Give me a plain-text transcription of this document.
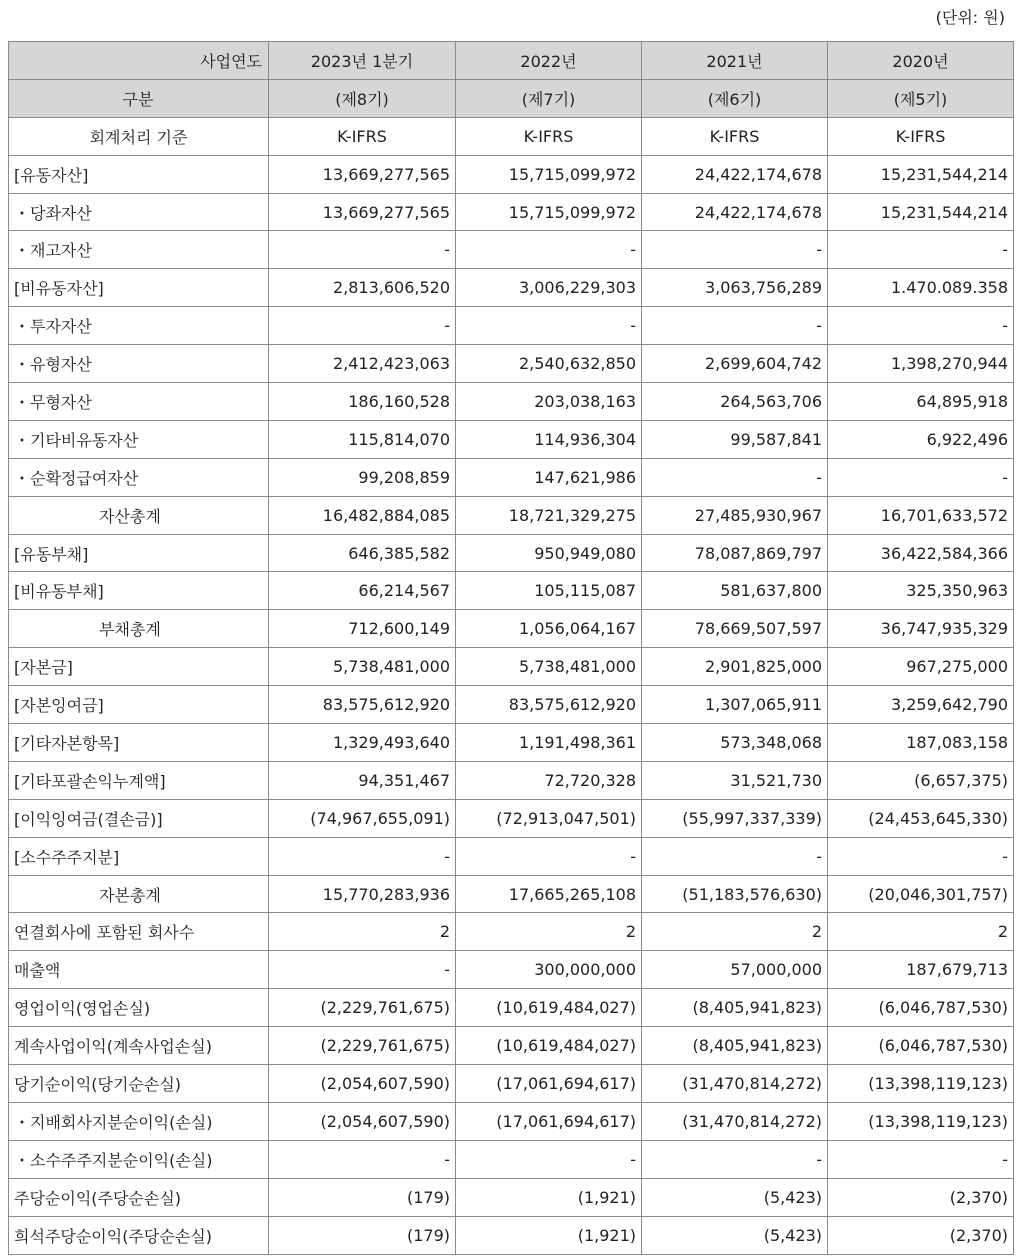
(단위: 원)
사업연도	2023년 1분기	2022년	2021년	2020년
구분	(제8기)	(제7기)	(제6기)	(제5기)
회계처리 기준	K-IFRS	K-IFRS	K-IFRS	K-IFRS
[유동자산]	13,669,277,565	15,715,099,972	24,422,174,678	15,231,544,214
・당좌자산	13,669,277,565	15,715,099,972	24,422,174,678	15,231,544,214
・재고자산	-	-	-	-
[비유동자산]	2,813,606,520	3,006,229,303	3,063,756,289	1.470.089.358
・투자자산	-	-	-	-
・유형자산	2,412,423,063	2,540,632,850	2,699,604,742	1,398,270,944
・무형자산	186,160,528	203,038,163	264,563,706	64,895,918
・기타비유동자산	115,814,070	114,936,304	99,587,841	6,922,496
・순확정급여자산	99,208,859	147,621,986	-	-
자산총계	16,482,884,085	18,721,329,275	27,485,930,967	16,701,633,572
[유동부채]	646,385,582	950,949,080	78,087,869,797	36,422,584,366
[비유동부채]	66,214,567	105,115,087	581,637,800	325,350,963
부채총계	712,600,149	1,056,064,167	78,669,507,597	36,747,935,329
[자본금]	5,738,481,000	5,738,481,000	2,901,825,000	967,275,000
[자본잉여금]	83,575,612,920	83,575,612,920	1,307,065,911	3,259,642,790
[기타자본항목]	1,329,493,640	1,191,498,361	573,348,068	187,083,158
[기타포괄손익누계액]	94,351,467	72,720,328	31,521,730	(6,657,375)
[이익잉여금(결손금)]	(74,967,655,091)	(72,913,047,501)	(55,997,337,339)	(24,453,645,330)
[소수주주지분]	-	-	-	-
자본총계	15,770,283,936	17,665,265,108	(51,183,576,630)	(20,046,301,757)
연결회사에 포함된 회사수	2	2	2	2
매출액	-	300,000,000	57,000,000	187,679,713
영업이익(영업손실)	(2,229,761,675)	(10,619,484,027)	(8,405,941,823)	(6,046,787,530)
계속사업이익(계속사업손실)	(2,229,761,675)	(10,619,484,027)	(8,405,941,823)	(6,046,787,530)
당기순이익(당기순손실)	(2,054,607,590)	(17,061,694,617)	(31,470,814,272)	(13,398,119,123)
・지배회사지분순이익(손실)	(2,054,607,590)	(17,061,694,617)	(31,470,814,272)	(13,398,119,123)
・소수주주지분순이익(손실)	-	-	-	-
주당순이익(주당순손실)	(179)	(1,921)	(5,423)	(2,370)
희석주당순이익(주당순손실)	(179)	(1,921)	(5,423)	(2,370)
